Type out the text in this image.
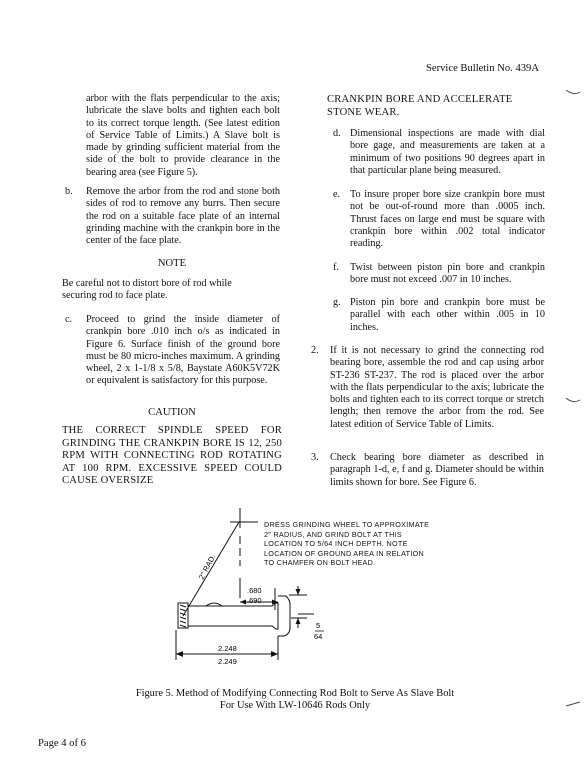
Service Bulletin No. 439A
arbor with the flats perpendicular to the axis; lubricate the slave bolts and tighten each bolt to its correct torque length. (See latest edition of Service Table of Limits.) A Slave bolt is made by grinding sufficient material from the side of the bolt to provide clearance in the bearing area (see Figure 5).
b. Remove the arbor from the rod and stone both sides of rod to remove any burrs. Then secure the rod on a suitable face plate of an internal grinding machine with the crankpin bore in the center of the face plate.
NOTE
Be careful not to distort bore of rod while securing rod to face plate.
c. Proceed to grind the inside diameter of crankpin bore .010 inch o/s as indicated in Figure 6. Surface finish of the ground bore must be 80 micro-inches maximum. A grinding wheel, 2 x 1-1/8 x 5/8, Baystate A60K5V72K or equivalent is satisfactory for this purpose.
CAUTION
THE CORRECT SPINDLE SPEED FOR GRINDING THE CRANKPIN BORE IS 12, 250 RPM WITH CONNECTING ROD ROTATING AT 100 RPM. EXCESSIVE SPEED COULD CAUSE OVERSIZE
CRANKPIN BORE AND ACCELERATE STONE WEAR.
d. Dimensional inspections are made with dial bore gage, and measurements are taken at a minimum of two positions 90 degrees apart in that particular plane being measured.
e. To insure proper bore size crankpin bore must not be out-of-round more than .0005 inch. Thrust faces on large end must be square with crankpin bore within .002 total indicator reading.
f. Twist between piston pin bore and crankpin bore must not exceed .007 in 10 inches.
g. Piston pin bore and crankpin bore must be parallel with each other within .005 in 10 inches.
2. If it is not necessary to grind the connecting rod bearing bore, assemble the rod and cap using arbor ST-236 ST-237. The rod is placed over the arbor with the flats perpendicular to the axis; lubricate the bolts and tighten each to its correct torque or stretch length; then remove the arbor from the rod. See latest edition of Service Table of Limits.
3. Check bearing bore diameter as described in paragraph 1-d, e, f and g. Diameter should be within limits shown for bore. See Figure 6.
DRESS GRINDING WHEEL TO APPROXIMATE
2" RADIUS, AND GRIND BOLT AT THIS
LOCATION TO 5/64 INCH DEPTH. NOTE
LOCATION OF GROUND AREA IN RELATION
TO CHAMFER ON BOLT HEAD.
2" RAD.
.680
.690
5
64
2.248
2.249
Figure 5. Method of Modifying Connecting Rod Bolt to Serve As Slave Bolt
For Use With LW-10646 Rods Only
Page 4 of 6
